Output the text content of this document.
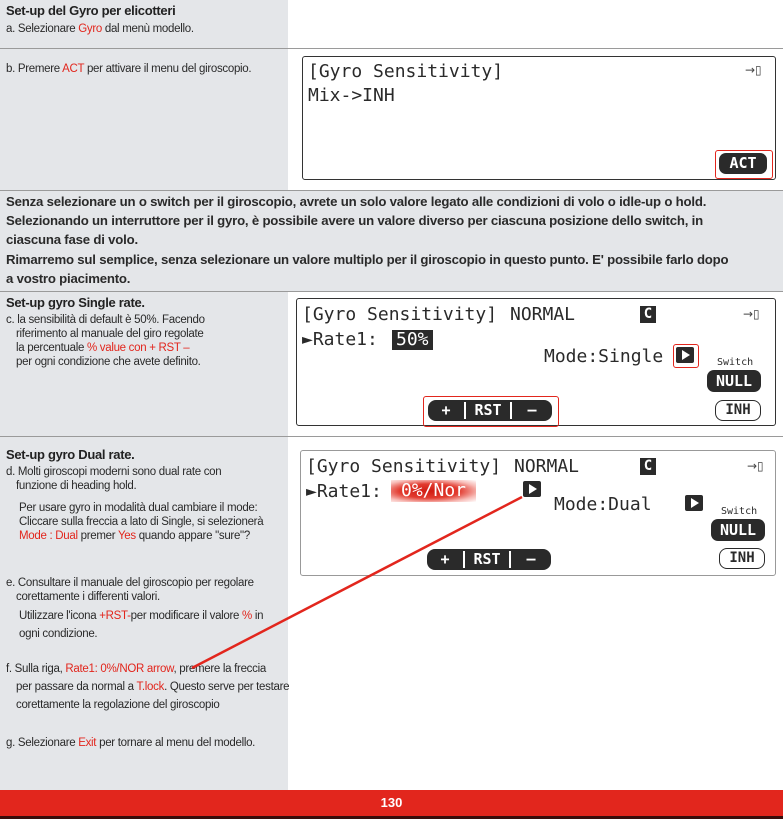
Set-up del Gyro per elicotteri
a. Selezionare Gyro dal menù modello.
b. Premere ACT per attivare il menu del giroscopio.	[Gyro Sensitivity]
Mix->INH
→▯
ACT
Senza selezionare un o switch per il giroscopio, avrete un solo valore legato alle condizioni di volo o idle-up o hold.
Selezionando un interruttore per il gyro, è possibile avere un valore diverso per ciascuna posizione dello switch, in
ciascuna fase di volo.
Rimarremo sul semplice, senza selezionare un valore multiplo per il giroscopio in questo punto. E' possibile farlo dopo
a vostro piacimento.
Set-up gyro Single rate.
c. la sensibilità di default è 50%. Facendo
riferimento al manuale del giro regolate
la percentuale % value con + RST –
per ogni condizione che avete definito.
[Gyro Sensitivity] NORMAL	C	→▯
►Rate1: 50%
Mode:Single	Switch
NULL
INH
+	RST	–
Set-up gyro Dual rate.
d. Molti giroscopi moderni sono dual rate con
funzione di heading hold.
Per usare gyro in modalità dual cambiare il mode:
Cliccare sulla freccia a lato di Single, si selezionerà
Mode : Dual premer Yes quando appare "sure"?
e. Consultare il manuale del giroscopio per regolare
corettamente i differenti valori.
Utilizzare l'icona +RST-per modificare il valore % in
ogni condizione.
f. Sulla riga, Rate1: 0%/NOR arrow, premere la freccia
per passare da normal a T.lock. Questo serve per testare
corettamente la regolazione del giroscopio
g. Selezionare Exit per tornare al menu del modello.
[Gyro Sensitivity] NORMAL	C	→▯
►Rate1:	0%/Nor
Mode:Dual	Switch
NULL
INH
+	RST	–
130
